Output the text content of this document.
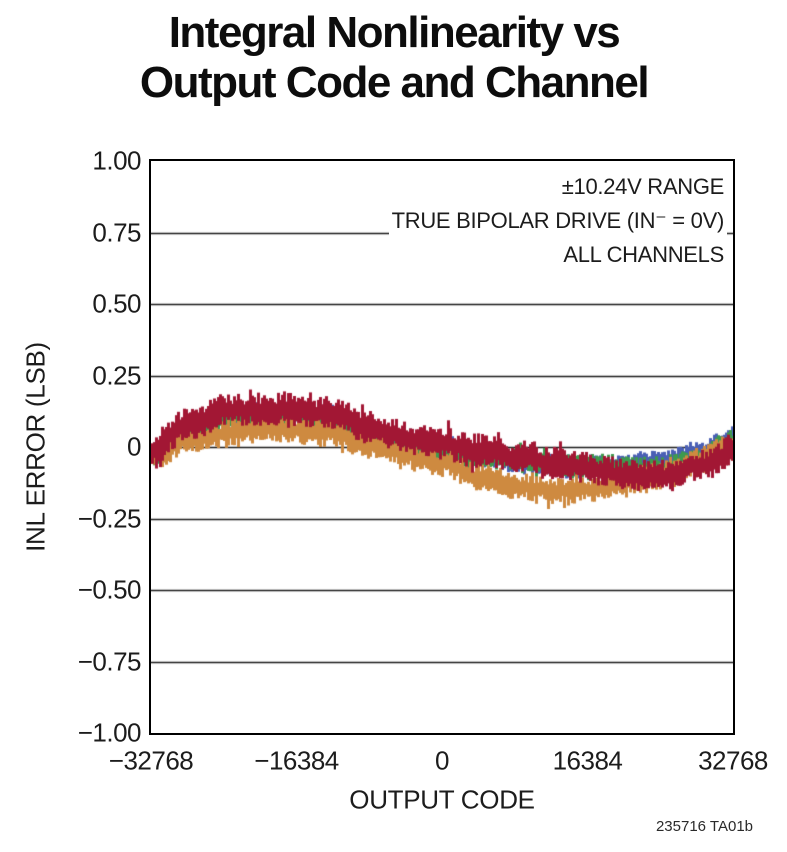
Integral Nonlinearity vs
Output Code and Channel
INL ERROR (LSB)
±10.24V RANGE
TRUE BIPOLAR DRIVE (IN⁻ = 0V)
ALL CHANNELS
−32768 −16384	0	16384	32768
1.00
0.75
0.50
0.25
0
−0.25
−0.50
−0.75
−1.00
OUTPUT CODE
235716 TA01b
